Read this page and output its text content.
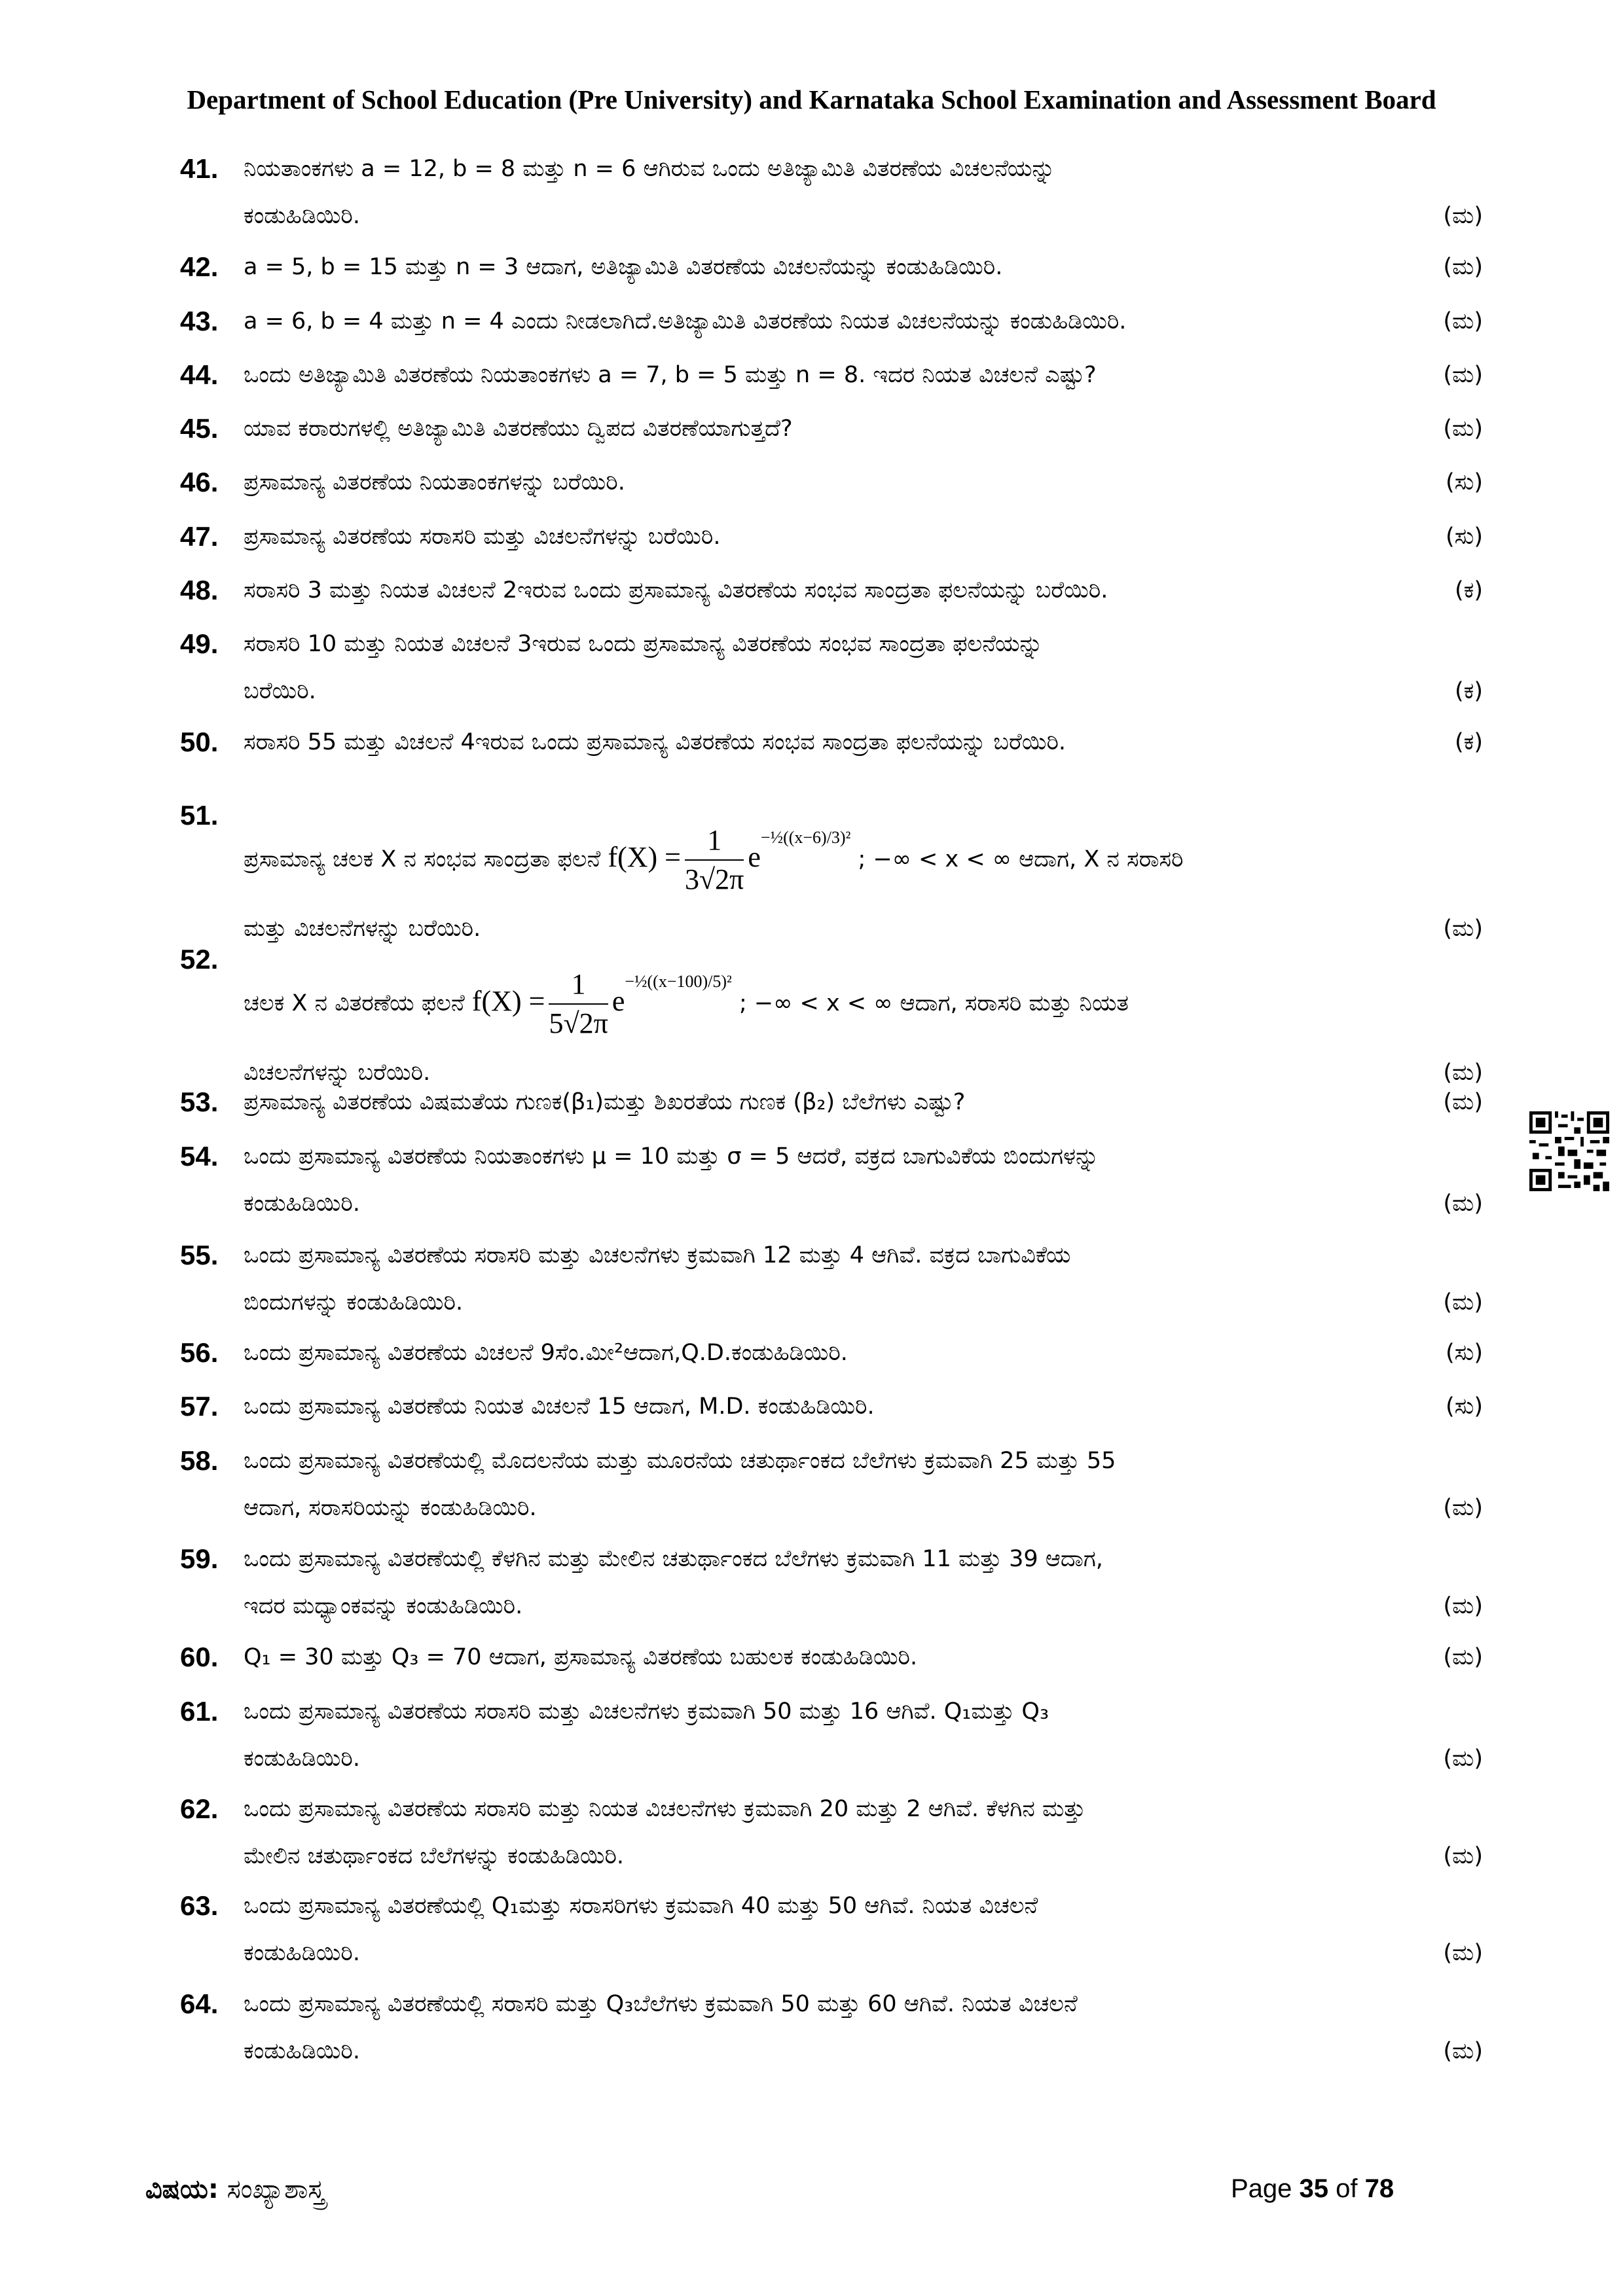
Department of School Education (Pre University) and Karnataka School Examination and Assessment Board
41.	ನಿಯತಾಂಕಗಳು a = 12, b = 8 ಮತ್ತು n = 6 ಆಗಿರುವ ಒಂದು ಅತಿಜ್ಯಾಮಿತಿ ವಿತರಣೆಯ ವಿಚಲನೆಯನ್ನು
ಕಂಡುಹಿಡಿಯಿರಿ.	(ಮ)
42.	a = 5, b = 15 ಮತ್ತು n = 3 ಆದಾಗ, ಅತಿಜ್ಯಾಮಿತಿ ವಿತರಣೆಯ ವಿಚಲನೆಯನ್ನು ಕಂಡುಹಿಡಿಯಿರಿ.	(ಮ)
43.	a = 6, b = 4 ಮತ್ತು n = 4 ಎಂದು ನೀಡಲಾಗಿದೆ.ಅತಿಜ್ಯಾಮಿತಿ ವಿತರಣೆಯ ನಿಯತ ವಿಚಲನೆಯನ್ನು ಕಂಡುಹಿಡಿಯಿರಿ.	(ಮ)
44.	ಒಂದು ಅತಿಜ್ಯಾಮಿತಿ ವಿತರಣೆಯ ನಿಯತಾಂಕಗಳು a = 7, b = 5 ಮತ್ತು n = 8. ಇದರ ನಿಯತ ವಿಚಲನೆ ಎಷ್ಟು?	(ಮ)
45.	ಯಾವ ಕರಾರುಗಳಲ್ಲಿ ಅತಿಜ್ಯಾಮಿತಿ ವಿತರಣೆಯು ದ್ವಿಪದ ವಿತರಣೆಯಾಗುತ್ತದೆ?	(ಮ)
46.	ಪ್ರಸಾಮಾನ್ಯ ವಿತರಣೆಯ ನಿಯತಾಂಕಗಳನ್ನು ಬರೆಯಿರಿ.	(ಸು)
47.	ಪ್ರಸಾಮಾನ್ಯ ವಿತರಣೆಯ ಸರಾಸರಿ ಮತ್ತು ವಿಚಲನೆಗಳನ್ನು ಬರೆಯಿರಿ.	(ಸು)
48.	ಸರಾಸರಿ 3 ಮತ್ತು ನಿಯತ ವಿಚಲನೆ 2ಇರುವ ಒಂದು ಪ್ರಸಾಮಾನ್ಯ ವಿತರಣೆಯ ಸಂಭವ ಸಾಂದ್ರತಾ ಫಲನೆಯನ್ನು ಬರೆಯಿರಿ.	(ಕ)
49.	ಸರಾಸರಿ 10 ಮತ್ತು ನಿಯತ ವಿಚಲನೆ 3ಇರುವ ಒಂದು ಪ್ರಸಾಮಾನ್ಯ ವಿತರಣೆಯ ಸಂಭವ ಸಾಂದ್ರತಾ ಫಲನೆಯನ್ನು
ಬರೆಯಿರಿ.	(ಕ)
50.	ಸರಾಸರಿ 55 ಮತ್ತು ವಿಚಲನೆ 4ಇರುವ ಒಂದು ಪ್ರಸಾಮಾನ್ಯ ವಿತರಣೆಯ ಸಂಭವ ಸಾಂದ್ರತಾ ಫಲನೆಯನ್ನು ಬರೆಯಿರಿ.	(ಕ)
51.
ಪ್ರಸಾಮಾನ್ಯ ಚಲಕ X ನ ಸಂಭವ ಸಾಂದ್ರತಾ ಫಲನೆ $f(X) = \frac{1}{3√2\pi} e^{-\frac{1}{2}((x-6)/3)^2}$ ; −∞ < x < ∞ ಆದಾಗ, X ನ ಸರಾಸರಿ
ಮತ್ತು ವಿಚಲನೆಗಳನ್ನು ಬರೆಯಿರಿ.	(ಮ)
52.
ಚಲಕ X ನ ವಿತರಣೆಯ ಫಲನೆ $f(X) = \frac{1}{5√2\pi} e^{-\frac{1}{2}((x-100)/5)^2}$ ; −∞ < x < ∞ ಆದಾಗ, ಸರಾಸರಿ ಮತ್ತು ನಿಯತ
ವಿಚಲನೆಗಳನ್ನು ಬರೆಯಿರಿ.	(ಮ)
53.	ಪ್ರಸಾಮಾನ್ಯ ವಿತರಣೆಯ ವಿಷಮತೆಯ ಗುಣಕ(β₁)ಮತ್ತು ಶಿಖರತೆಯ ಗುಣಕ (β₂) ಬೆಲೆಗಳು ಎಷ್ಟು?	(ಮ)
54.	ಒಂದು ಪ್ರಸಾಮಾನ್ಯ ವಿತರಣೆಯ ನಿಯತಾಂಕಗಳು μ = 10 ಮತ್ತು σ = 5 ಆದರೆ, ವಕ್ರದ ಬಾಗುವಿಕೆಯ ಬಿಂದುಗಳನ್ನು
ಕಂಡುಹಿಡಿಯಿರಿ.	(ಮ)
55.	ಒಂದು ಪ್ರಸಾಮಾನ್ಯ ವಿತರಣೆಯ ಸರಾಸರಿ ಮತ್ತು ವಿಚಲನೆಗಳು ಕ್ರಮವಾಗಿ 12 ಮತ್ತು 4 ಆಗಿವೆ. ವಕ್ರದ ಬಾಗುವಿಕೆಯ
ಬಿಂದುಗಳನ್ನು ಕಂಡುಹಿಡಿಯಿರಿ.	(ಮ)
56.	ಒಂದು ಪ್ರಸಾಮಾನ್ಯ ವಿತರಣೆಯ ವಿಚಲನೆ 9ಸೆಂ.ಮೀ²ಆದಾಗ,Q.D.ಕಂಡುಹಿಡಿಯಿರಿ.	(ಸು)
57.	ಒಂದು ಪ್ರಸಾಮಾನ್ಯ ವಿತರಣೆಯ ನಿಯತ ವಿಚಲನೆ 15 ಆದಾಗ, M.D. ಕಂಡುಹಿಡಿಯಿರಿ.	(ಸು)
58.	ಒಂದು ಪ್ರಸಾಮಾನ್ಯ ವಿತರಣೆಯಲ್ಲಿ ಮೊದಲನೆಯ ಮತ್ತು ಮೂರನೆಯ ಚತುರ್ಥಾಂಕದ ಬೆಲೆಗಳು ಕ್ರಮವಾಗಿ 25 ಮತ್ತು 55
ಆದಾಗ, ಸರಾಸರಿಯನ್ನು ಕಂಡುಹಿಡಿಯಿರಿ.	(ಮ)
59.	ಒಂದು ಪ್ರಸಾಮಾನ್ಯ ವಿತರಣೆಯಲ್ಲಿ ಕೆಳಗಿನ ಮತ್ತು ಮೇಲಿನ ಚತುರ್ಥಾಂಕದ ಬೆಲೆಗಳು ಕ್ರಮವಾಗಿ 11 ಮತ್ತು 39 ಆದಾಗ,
ಇದರ ಮಧ್ಯಾಂಕವನ್ನು ಕಂಡುಹಿಡಿಯಿರಿ.	(ಮ)
60.	Q₁ = 30 ಮತ್ತು Q₃ = 70 ಆದಾಗ, ಪ್ರಸಾಮಾನ್ಯ ವಿತರಣೆಯ ಬಹುಲಕ ಕಂಡುಹಿಡಿಯಿರಿ.	(ಮ)
61.	ಒಂದು ಪ್ರಸಾಮಾನ್ಯ ವಿತರಣೆಯ ಸರಾಸರಿ ಮತ್ತು ವಿಚಲನೆಗಳು ಕ್ರಮವಾಗಿ 50 ಮತ್ತು 16 ಆಗಿವೆ. Q₁ಮತ್ತು Q₃
ಕಂಡುಹಿಡಿಯಿರಿ.	(ಮ)
62.	ಒಂದು ಪ್ರಸಾಮಾನ್ಯ ವಿತರಣೆಯ ಸರಾಸರಿ ಮತ್ತು ನಿಯತ ವಿಚಲನೆಗಳು ಕ್ರಮವಾಗಿ 20 ಮತ್ತು 2 ಆಗಿವೆ. ಕೆಳಗಿನ ಮತ್ತು
ಮೇಲಿನ ಚತುರ್ಥಾಂಕದ ಬೆಲೆಗಳನ್ನು ಕಂಡುಹಿಡಿಯಿರಿ.	(ಮ)
63.	ಒಂದು ಪ್ರಸಾಮಾನ್ಯ ವಿತರಣೆಯಲ್ಲಿ Q₁ಮತ್ತು ಸರಾಸರಿಗಳು ಕ್ರಮವಾಗಿ 40 ಮತ್ತು 50 ಆಗಿವೆ. ನಿಯತ ವಿಚಲನೆ
ಕಂಡುಹಿಡಿಯಿರಿ.	(ಮ)
64.	ಒಂದು ಪ್ರಸಾಮಾನ್ಯ ವಿತರಣೆಯಲ್ಲಿ ಸರಾಸರಿ ಮತ್ತು Q₃ಬೆಲೆಗಳು ಕ್ರಮವಾಗಿ 50 ಮತ್ತು 60 ಆಗಿವೆ. ನಿಯತ ವಿಚಲನೆ
ಕಂಡುಹಿಡಿಯಿರಿ.	(ಮ)
ವಿಷಯ: ಸಂಖ್ಯಾಶಾಸ್ತ್ರ	Page 35 of 78
